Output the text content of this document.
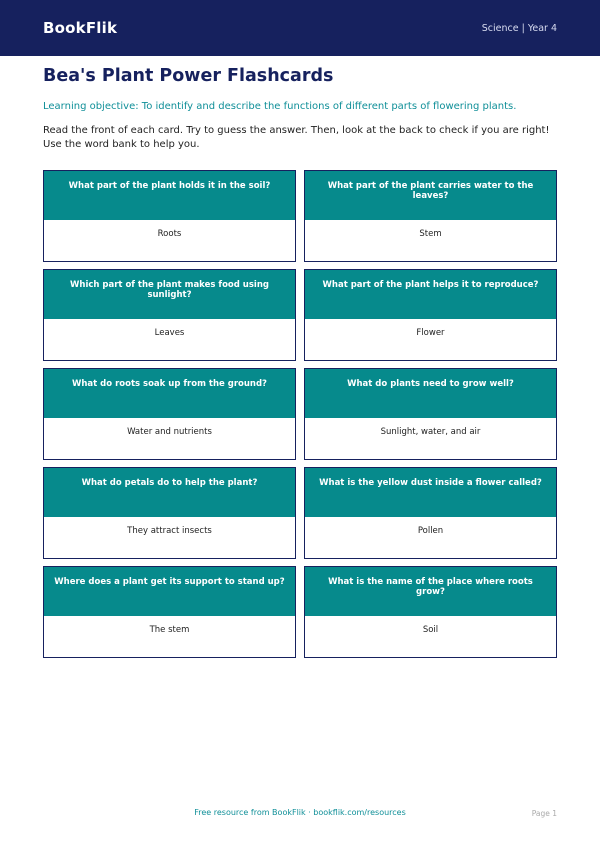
BookFlik	Science | Year 4
Bea's Plant Power Flashcards

Learning objective: To identify and describe the functions of different parts of flowering plants.

Read the front of each card. Try to guess the answer. Then, look at the back to check if you are right! Use the word bank to help you.

What part of the plant holds it in the soil?
Roots
What part of the plant carries water to the leaves?
Stem
Which part of the plant makes food using sunlight?
Leaves
What part of the plant helps it to reproduce?
Flower
What do roots soak up from the ground?
Water and nutrients
What do plants need to grow well?
Sunlight, water, and air
What do petals do to help the plant?
They attract insects
What is the yellow dust inside a flower called?
Pollen
Where does a plant get its support to stand up?
The stem
What is the name of the place where roots grow?
Soil
Free resource from BookFlik · bookflik.com/resources	Page 1
